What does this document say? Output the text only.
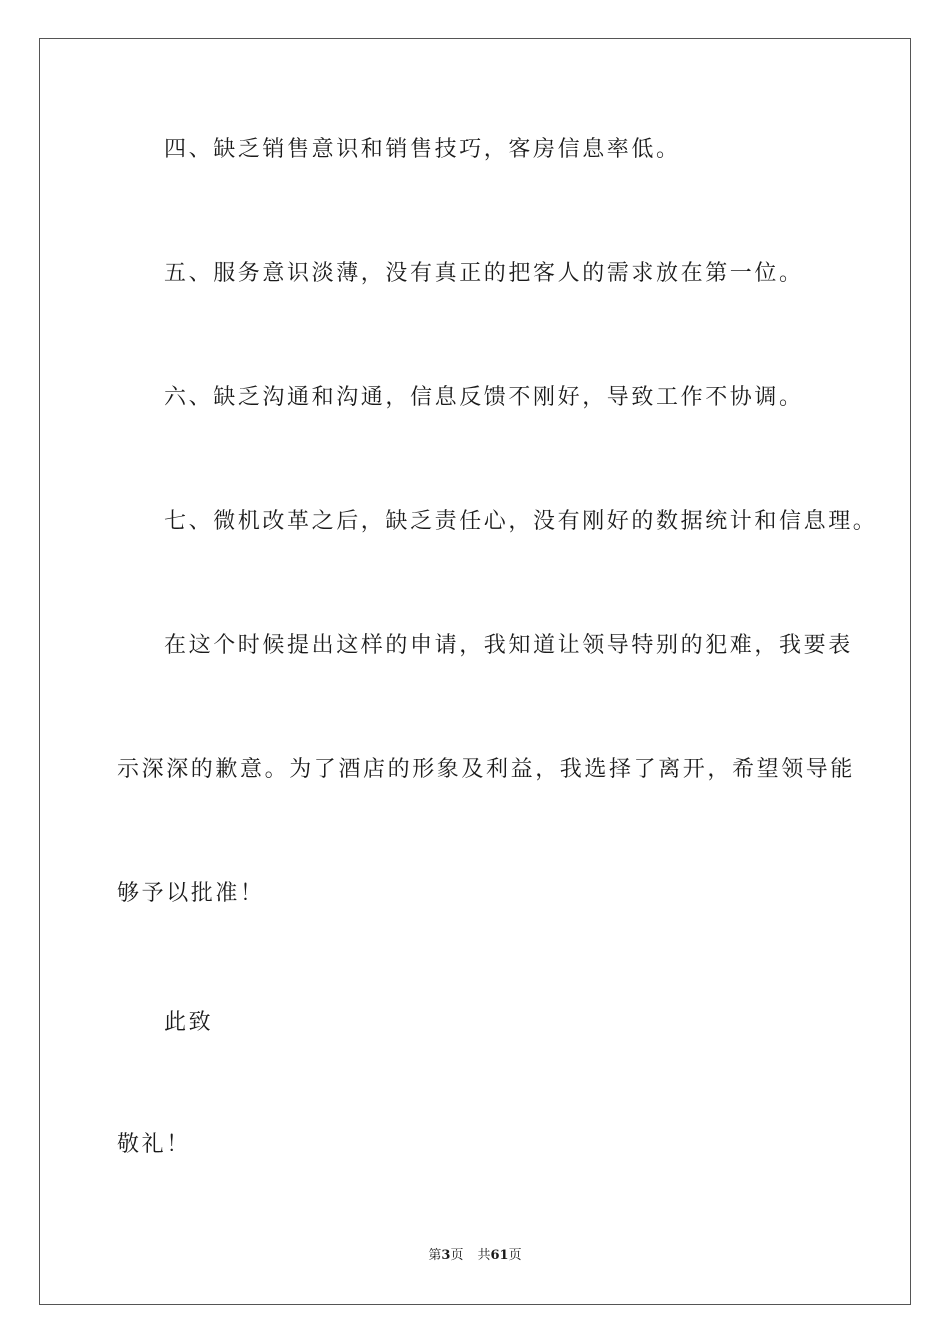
四、缺乏销售意识和销售技巧，客房信息率低。
五、服务意识淡薄，没有真正的把客人的需求放在第一位。
六、缺乏沟通和沟通，信息反馈不刚好，导致工作不协调。
七、微机改革之后，缺乏责任心，没有刚好的数据统计和信息理。
在这个时候提出这样的申请，我知道让领导特别的犯难，我要表
示深深的歉意。为了酒店的形象及利益，我选择了离开，希望领导能
够予以批准！
此致
敬礼！
第3页 共61页
